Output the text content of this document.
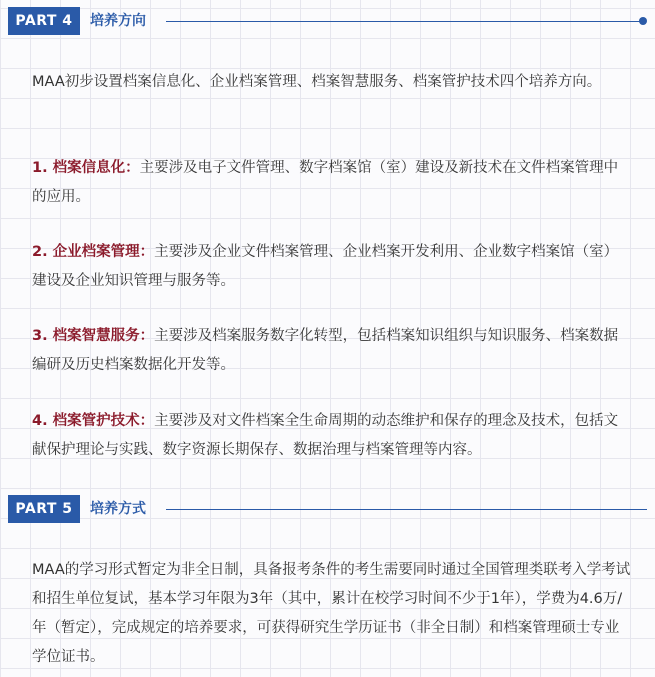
PART 4	培养方向

MAA初步设置档案信息化、企业档案管理、档案智慧服务、档案管护技术四个培养方向。

1. 档案信息化：主要涉及电子文件管理、数字档案馆（室）建设及新技术在文件档案管理中的应用。

2. 企业档案管理：主要涉及企业文件档案管理、企业档案开发利用、企业数字档案馆（室）建设及企业知识管理与服务等。

3. 档案智慧服务：主要涉及档案服务数字化转型，包括档案知识组织与知识服务、档案数据编研及历史档案数据化开发等。

4. 档案管护技术：主要涉及对文件档案全生命周期的动态维护和保存的理念及技术，包括文献保护理论与实践、数字资源长期保存、数据治理与档案管理等内容。

PART 5	培养方式

MAA的学习形式暂定为非全日制，具备报考条件的考生需要同时通过全国管理类联考入学考试和招生单位复试，基本学习年限为3年（其中，累计在校学习时间不少于1年），学费为4.6万/年（暂定），完成规定的培养要求，可获得研究生学历证书（非全日制）和档案管理硕士专业学位证书。
